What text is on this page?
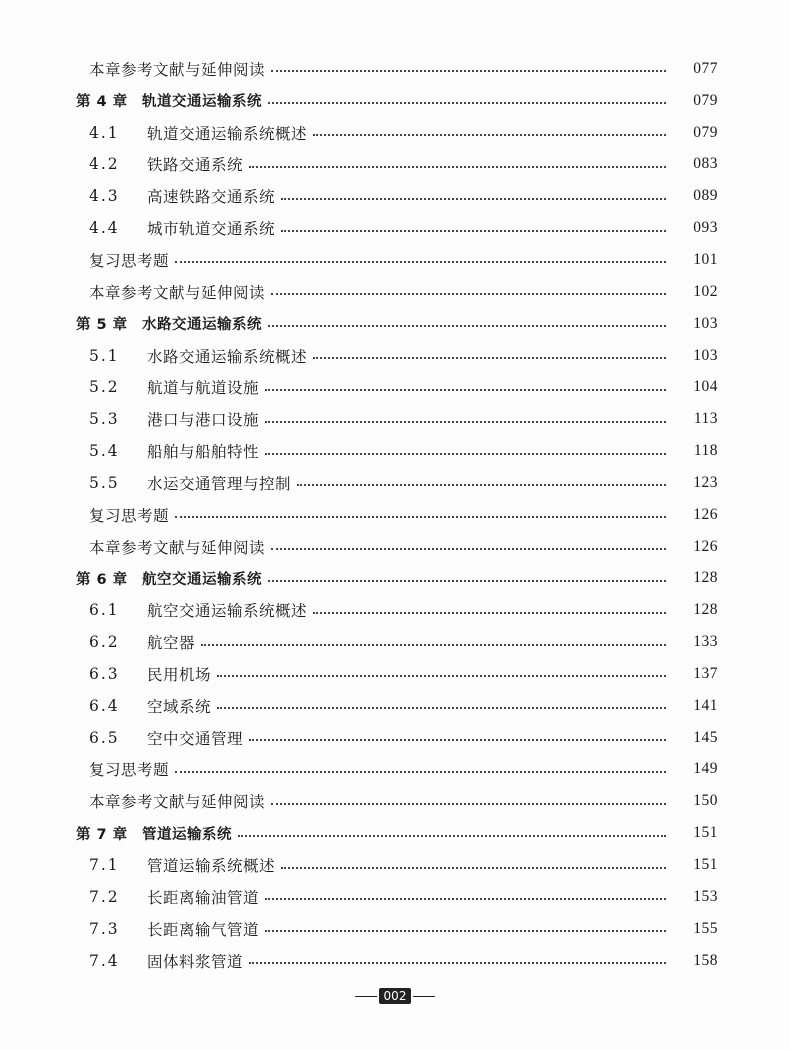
本章参考文献与延伸阅读	077
第 4 章 轨道交通运输系统	079
4.1	轨道交通运输系统概述	079
4.2	铁路交通系统	083
4.3	高速铁路交通系统	089
4.4	城市轨道交通系统	093
复习思考题	101
本章参考文献与延伸阅读	102
第 5 章 水路交通运输系统	103
5.1	水路交通运输系统概述	103
5.2	航道与航道设施	104
5.3	港口与港口设施	113
5.4	船舶与船舶特性	118
5.5	水运交通管理与控制	123
复习思考题	126
本章参考文献与延伸阅读	126
第 6 章 航空交通运输系统	128
6.1	航空交通运输系统概述	128
6.2	航空器	133
6.3	民用机场	137
6.4	空域系统	141
6.5	空中交通管理	145
复习思考题	149
本章参考文献与延伸阅读	150
第 7 章 管道运输系统	151
7.1	管道运输系统概述	151
7.2	长距离输油管道	153
7.3	长距离输气管道	155
7.4	固体料浆管道	158
002
